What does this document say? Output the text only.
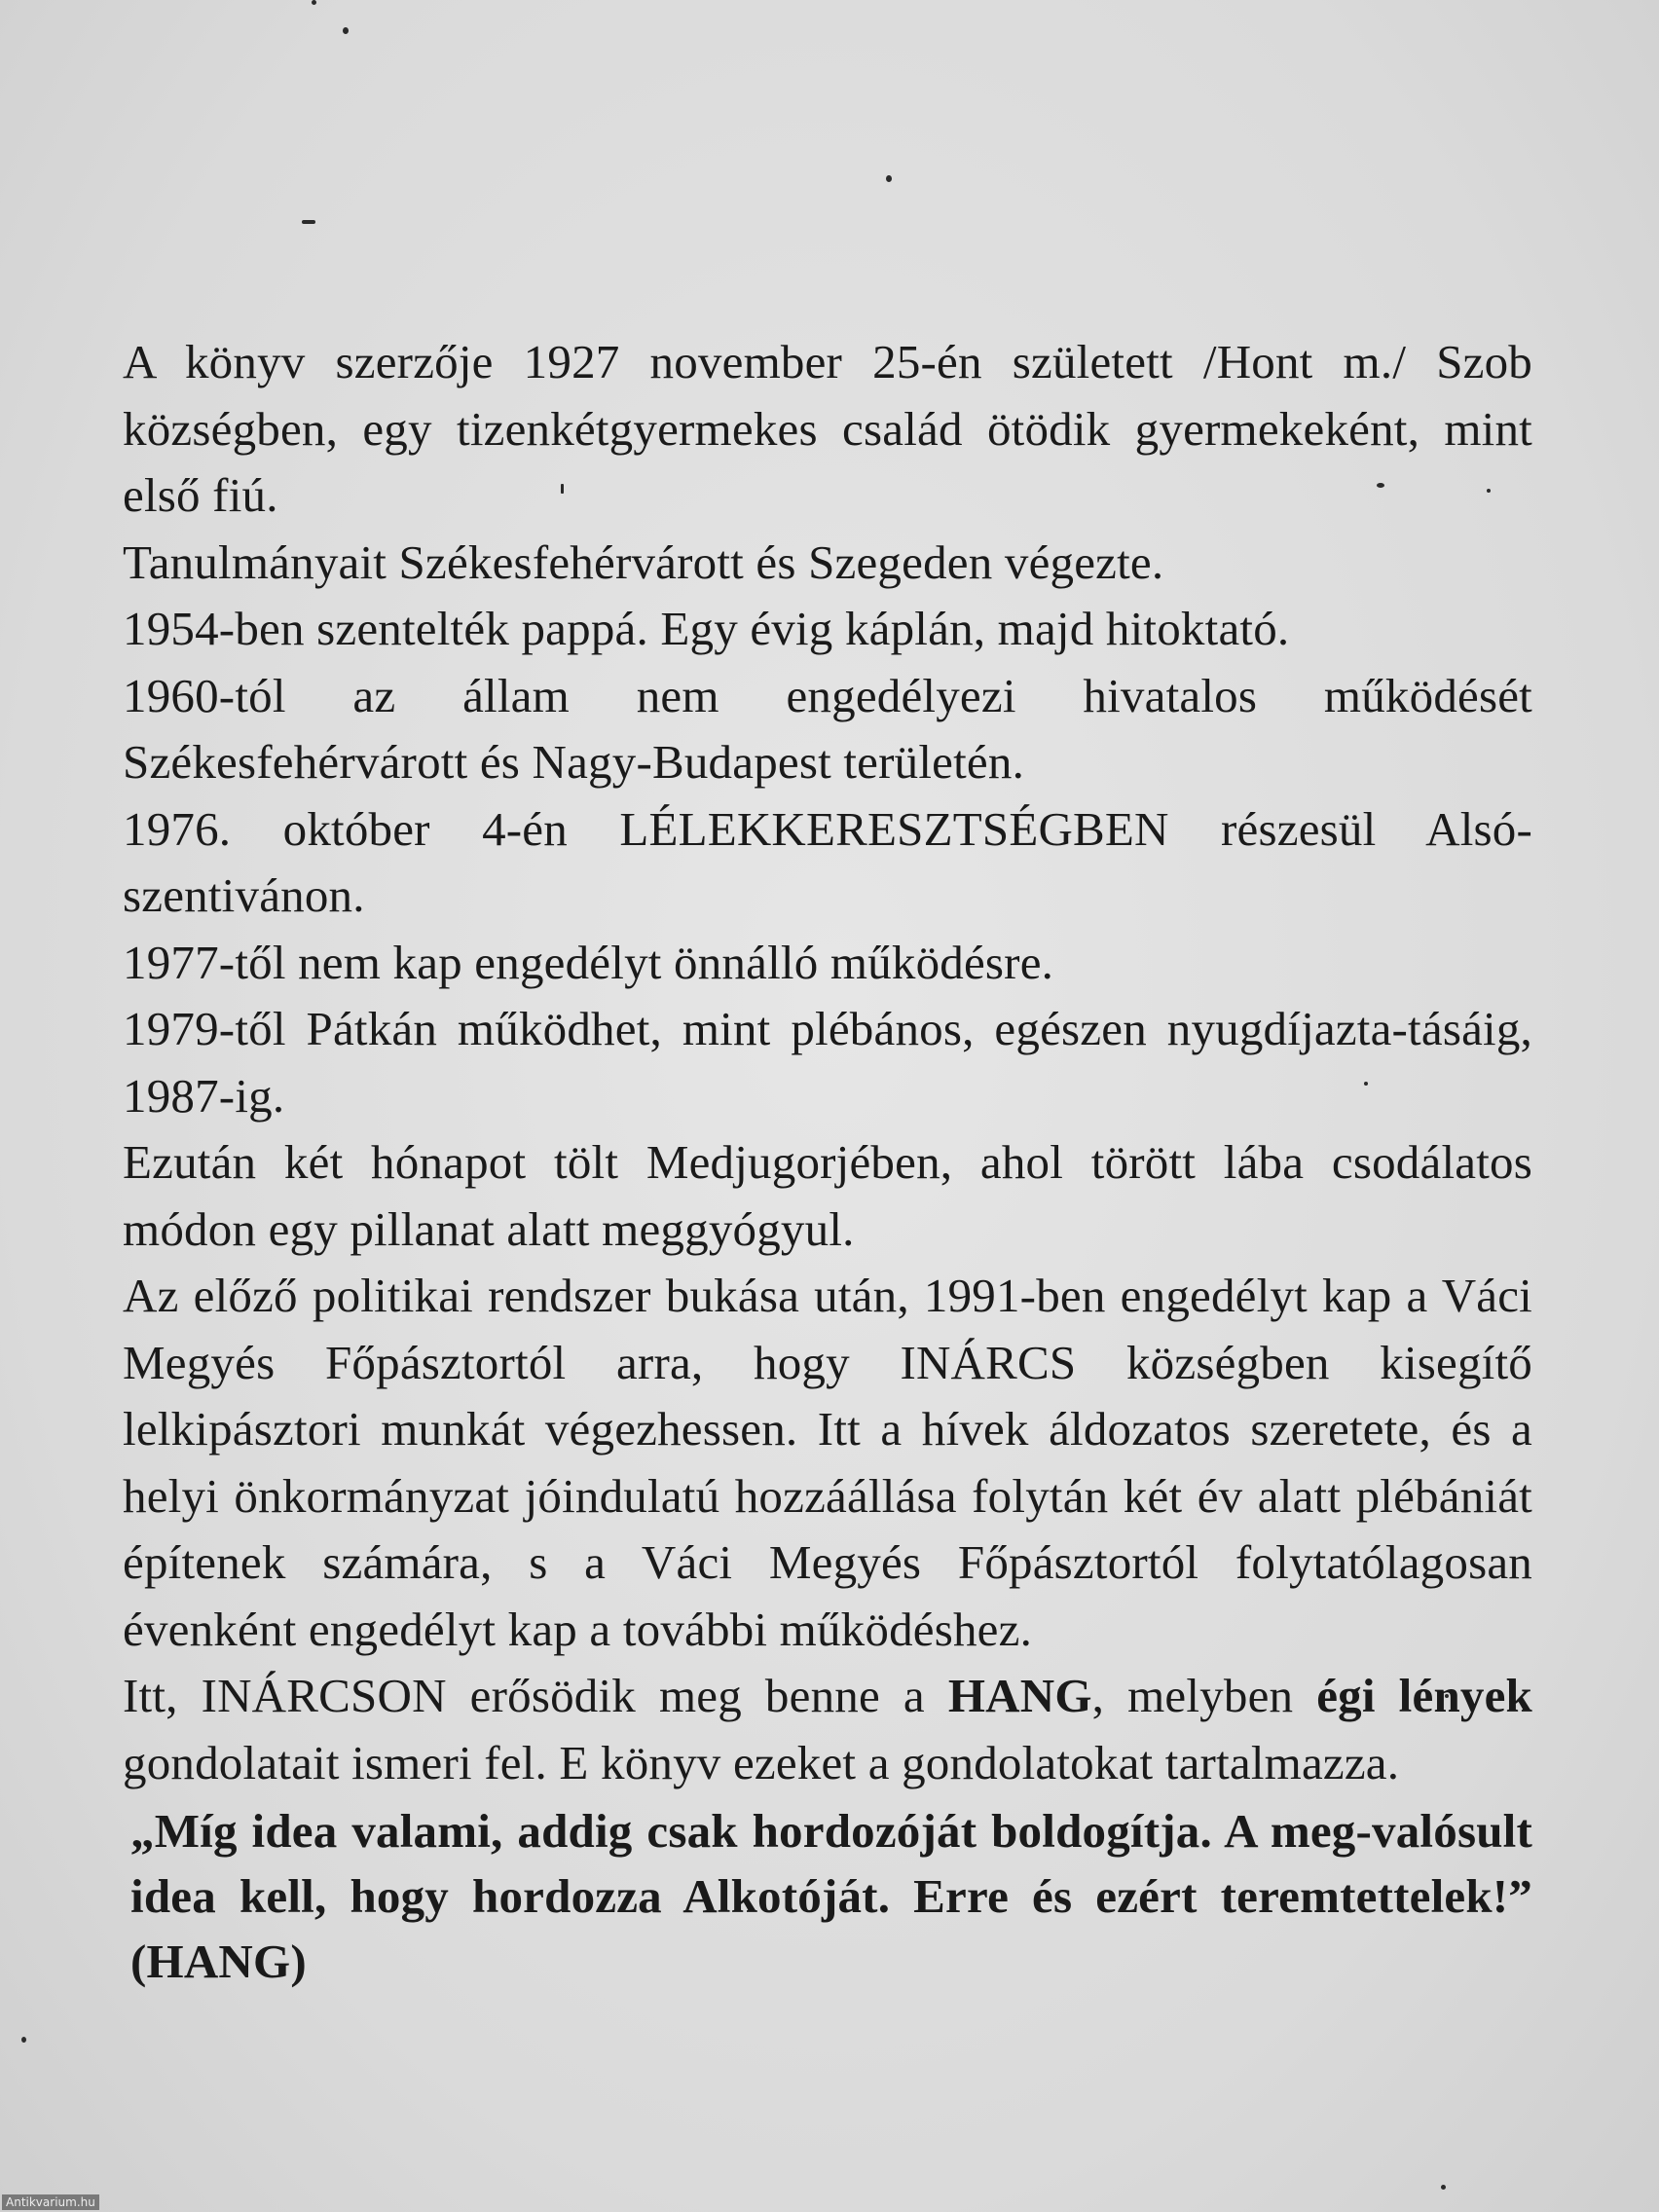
A könyv szerzője 1927 november 25-én született /Hont m./ Szob községben, egy tizenkétgyermekes család ötödik gyermekeként, mint első fiú.

Tanulmányait Székesfehérvárott és Szegeden végezte.

1954-ben szentelték pappá. Egy évig káplán, majd hitoktató.

1960-tól az állam nem engedélyezi hivatalos működését Székesfehérvárott és Nagy-Budapest területén.

1976. október 4-én LÉLEKKERESZTSÉGBEN részesül Alsó-szentivánon.

1977-től nem kap engedélyt önnálló működésre.

1979-től Pátkán működhet, mint plébános, egészen nyugdíjazta-tásáig, 1987-ig.

Ezután két hónapot tölt Medjugorjében, ahol törött lába csodálatos módon egy pillanat alatt meggyógyul.

Az előző politikai rendszer bukása után, 1991-ben engedélyt kap a Váci Megyés Főpásztortól arra, hogy INÁRCS községben kisegítő lelkipásztori munkát végezhessen. Itt a hívek áldozatos szeretete, és a helyi önkormányzat jóindulatú hozzáállása folytán két év alatt plébániát építenek számára, s a Váci Megyés Főpásztortól folytatólagosan évenként engedélyt kap a további működéshez.

Itt, INÁRCSON erősödik meg benne a HANG, melyben égi lények gondolatait ismeri fel. E könyv ezeket a gondolatokat tartalmazza.

„Míg idea valami, addig csak hordozóját boldogítja. A meg-valósult idea kell, hogy hordozza Alkotóját. Erre és ezért teremtettelek!” (HANG)

Antikvarium.hu
